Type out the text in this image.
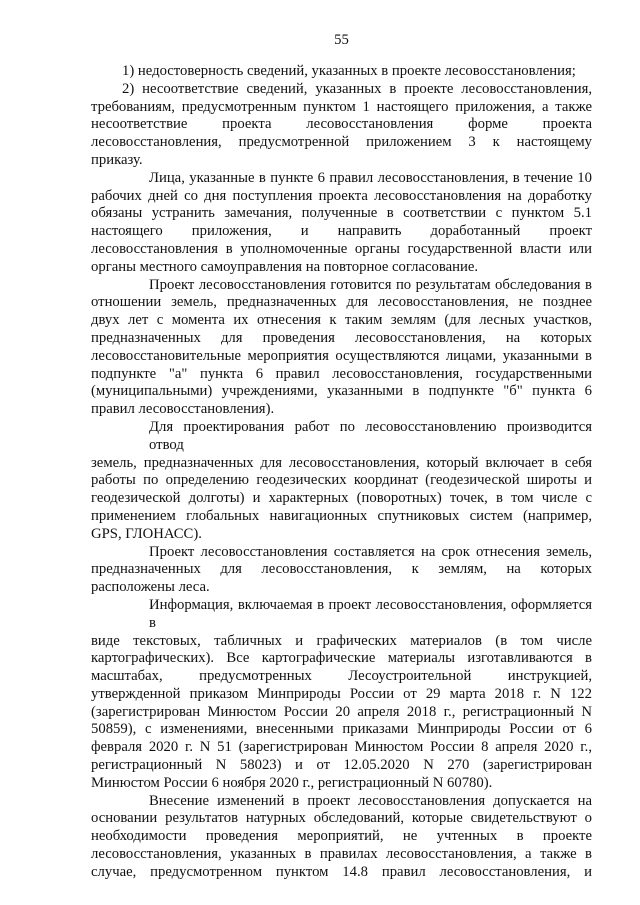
55
1) недостоверность сведений, указанных в проекте лесовосстановления;
2) несоответствие сведений, указанных в проекте лесовосстановления,
требованиям, предусмотренным пунктом 1 настоящего приложения, а также
несоответствие проекта лесовосстановления форме проекта
лесовосстановления, предусмотренной приложением 3 к настоящему
приказу.
Лица, указанные в пункте 6 правил лесовосстановления, в течение 10
рабочих дней со дня поступления проекта лесовосстановления на доработку
обязаны устранить замечания, полученные в соответствии с пунктом 5.1
настоящего приложения, и направить доработанный проект
лесовосстановления в уполномоченные органы государственной власти или
органы местного самоуправления на повторное согласование.
Проект лесовосстановления готовится по результатам обследования в
отношении земель, предназначенных для лесовосстановления, не позднее
двух лет с момента их отнесения к таким землям (для лесных участков,
предназначенных для проведения лесовосстановления, на которых
лесовосстановительные мероприятия осуществляются лицами, указанными в
подпункте "а" пункта 6 правил лесовосстановления, государственными
(муниципальными) учреждениями, указанными в подпункте "б" пункта 6
правил лесовосстановления).
Для проектирования работ по лесовосстановлению производится отвод
земель, предназначенных для лесовосстановления, который включает в себя
работы по определению геодезических координат (геодезической широты и
геодезической долготы) и характерных (поворотных) точек, в том числе с
применением глобальных навигационных спутниковых систем (например,
GPS, ГЛОНАСС).
Проект лесовосстановления составляется на срок отнесения земель,
предназначенных для лесовосстановления, к землям, на которых
расположены леса.
Информация, включаемая в проект лесовосстановления, оформляется в
виде текстовых, табличных и графических материалов (в том числе
картографических). Все картографические материалы изготавливаются в
масштабах, предусмотренных Лесоустроительной инструкцией,
утвержденной приказом Минприроды России от 29 марта 2018 г. N 122
(зарегистрирован Минюстом России 20 апреля 2018 г., регистрационный N
50859), с изменениями, внесенными приказами Минприроды России от 6
февраля 2020 г. N 51 (зарегистрирован Минюстом России 8 апреля 2020 г.,
регистрационный N 58023) и от 12.05.2020 N 270 (зарегистрирован
Минюстом России 6 ноября 2020 г., регистрационный N 60780).
Внесение изменений в проект лесовосстановления допускается на
основании результатов натурных обследований, которые свидетельствуют о
необходимости проведения мероприятий, не учтенных в проекте
лесовосстановления, указанных в правилах лесовосстановления, а также в
случае, предусмотренном пунктом 14.8 правил лесовосстановления, и
